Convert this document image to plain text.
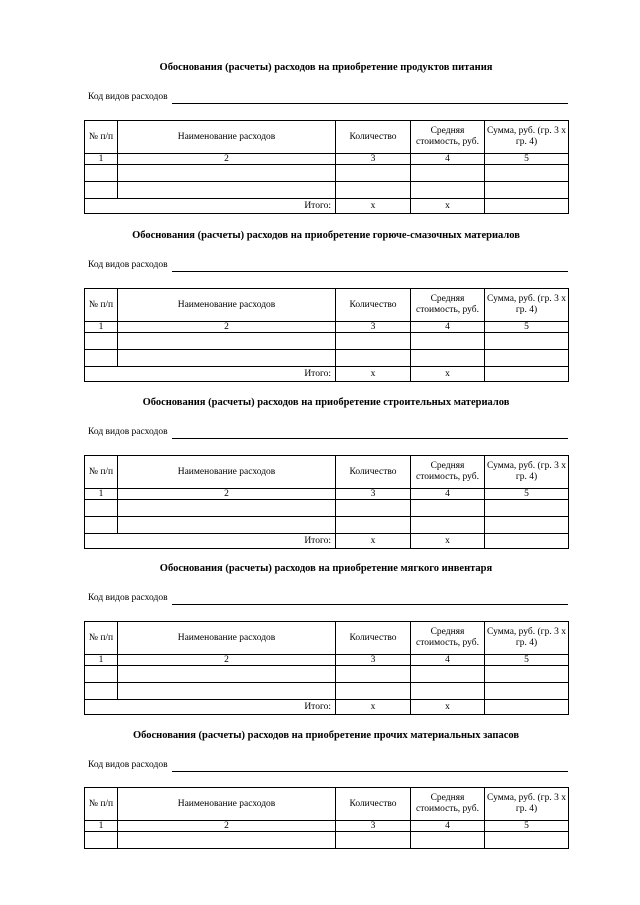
Обоснования (расчеты) расходов на приобретение продуктов питания
Код видов расходов
№ п/п	Наименование расходов	Количество	Средняя стоимость, руб.	Сумма, руб. (гр. 3 х гр. 4)
1	2	3	4	5

Итого:		х	х	
Обоснования (расчеты) расходов на приобретение горюче-смазочных материалов
Код видов расходов
№ п/п	Наименование расходов	Количество	Средняя стоимость, руб.	Сумма, руб. (гр. 3 х гр. 4)
1	2	3	4	5

Итого:		х	х	
Обоснования (расчеты) расходов на приобретение строительных материалов
Код видов расходов
№ п/п	Наименование расходов	Количество	Средняя стоимость, руб.	Сумма, руб. (гр. 3 х гр. 4)
1	2	3	4	5

Итого:		х	х	
Обоснования (расчеты) расходов на приобретение мягкого инвентаря
Код видов расходов
№ п/п	Наименование расходов	Количество	Средняя стоимость, руб.	Сумма, руб. (гр. 3 х гр. 4)
1	2	3	4	5

Итого:		х	х	
Обоснования (расчеты) расходов на приобретение прочих материальных запасов
Код видов расходов
№ п/п	Наименование расходов	Количество	Средняя стоимость, руб.	Сумма, руб. (гр. 3 х гр. 4)
1	2	3	4	5
